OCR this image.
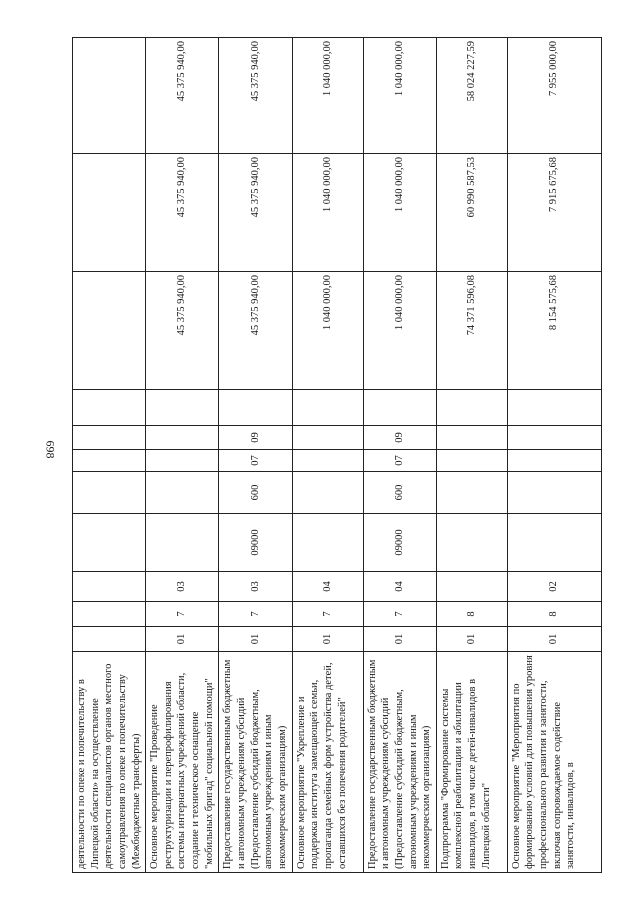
698
деятельности по опеке и попечительству в Липецкой области» на осуществление деятельности специалистов органов местного самоуправления по опеке и попечительству (Межбюджетные трансферты)											
Основное мероприятие "Проведение реструктуризации и перепрофилирования системы интернатных учреждений области, создание и техническое оснащение "мобильных бригад" социальной помощи"	01	7	03						45 375 940,00	45 375 940,00	45 375 940,00
Предоставление государственным бюджетным и автономным учреждениям субсидий (Предоставление субсидий бюджетным, автономным учреждениям и иным некоммерческим организациям)	01	7	03	09000	600	07	09		45 375 940,00	45 375 940,00	45 375 940,00
Основное мероприятие "Укрепление и поддержка института замещающей семьи, пропаганда семейных форм устройства детей, оставшихся без попечения родителей"	01	7	04						1 040 000,00	1 040 000,00	1 040 000,00
Предоставление государственным бюджетным и автономным учреждениям субсидий (Предоставление субсидий бюджетным, автономным учреждениям и иным некоммерческим организациям)	01	7	04	09000	600	07	09		1 040 000,00	1 040 000,00	1 040 000,00
Подпрограмма "Формирование системы комплексной реабилитации и абилитации инвалидов, в том числе детей-инвалидов в Липецкой области"	01	8							74 371 596,08	60 990 587,53	58 024 227,59
Основное мероприятие "Мероприятия по формированию условий для повышения уровня профессионального развития и занятости, включая сопровождаемое содействие занятости, инвалидов, в	01	8	02						8 154 575,68	7 915 675,68	7 955 000,00
